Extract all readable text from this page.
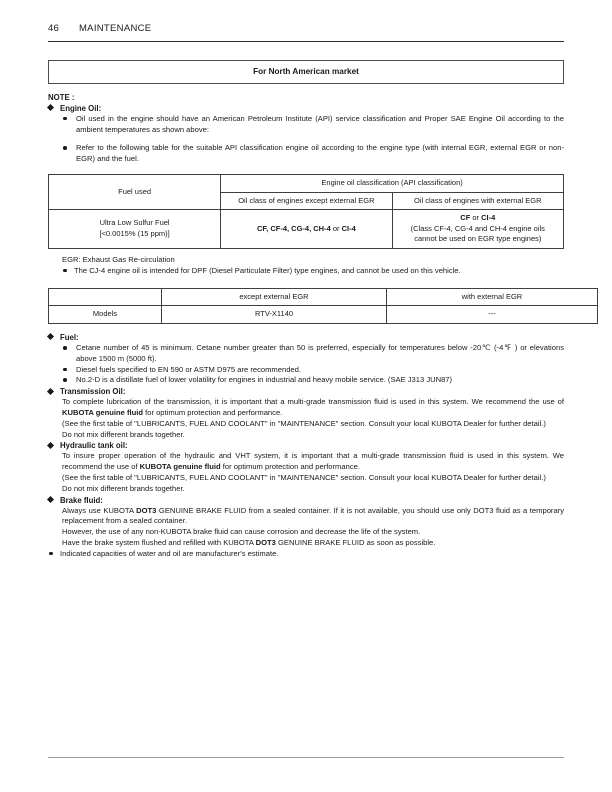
46 MAINTENANCE
For North American market
NOTE :
Engine Oil:
Oil used in the engine should have an American Petroleum Institute (API) service classification and Proper SAE Engine Oil according to the ambient temperatures as shown above:
Refer to the following table for the suitable API classification engine oil according to the engine type (with internal EGR, external EGR or non-EGR) and the fuel.
Fuel used	Engine oil classification (API classification)	
	Oil class of engines except external EGR	Oil class of engines with external EGR
Ultra Low Sulfur Fuel
[<0.0015% (15 ppm)]	CF, CF-4, CG-4, CH-4 or CI-4	CF or CI-4
(Class CF-4, CG-4 and CH-4 engine oils
cannot be used on EGR type engines)
EGR: Exhaust Gas Re-circulation
The CJ-4 engine oil is intended for DPF (Diesel Particulate Filter) type engines, and cannot be used on this vehicle.
	except external EGR	with external EGR
Models	RTV-X1140	---
Fuel:
Cetane number of 45 is minimum. Cetane number greater than 50 is preferred, especially for temperatures below -20℃ (-4℉ ) or elevations above 1500 m (5000 ft).
Diesel fuels specified to EN 590 or ASTM D975 are recommended.
No.2-D is a distillate fuel of lower volatility for engines in industrial and heavy mobile service. (SAE J313 JUN87)
Transmission Oil:
To complete lubrication of the transmission, it is important that a multi-grade transmission fluid is used in this system. We recommend the use of KUBOTA genuine fluid for optimum protection and performance.
(See the first table of "LUBRICANTS, FUEL AND COOLANT" in "MAINTENANCE" section. Consult your local KUBOTA Dealer for further detail.)
Do not mix different brands together.
Hydraulic tank oil:
To insure proper operation of the hydraulic and VHT system, it is important that a multi-grade transmission fluid is used in this system. We recommend the use of KUBOTA genuine fluid for optimum protection and performance.
(See the first table of "LUBRICANTS, FUEL AND COOLANT" in "MAINTENANCE" section. Consult your local KUBOTA Dealer for further detail.)
Do not mix different brands together.
Brake fluid:
Always use KUBOTA DOT3 GENUINE BRAKE FLUID from a sealed container. If it is not available, you should use only DOT3 fluid as a temporary replacement from a sealed container.
However, the use of any non-KUBOTA brake fluid can cause corrosion and decrease the life of the system.
Have the brake system flushed and refilled with KUBOTA DOT3 GENUINE BRAKE FLUID as soon as possible.
Indicated capacities of water and oil are manufacturer's estimate.
